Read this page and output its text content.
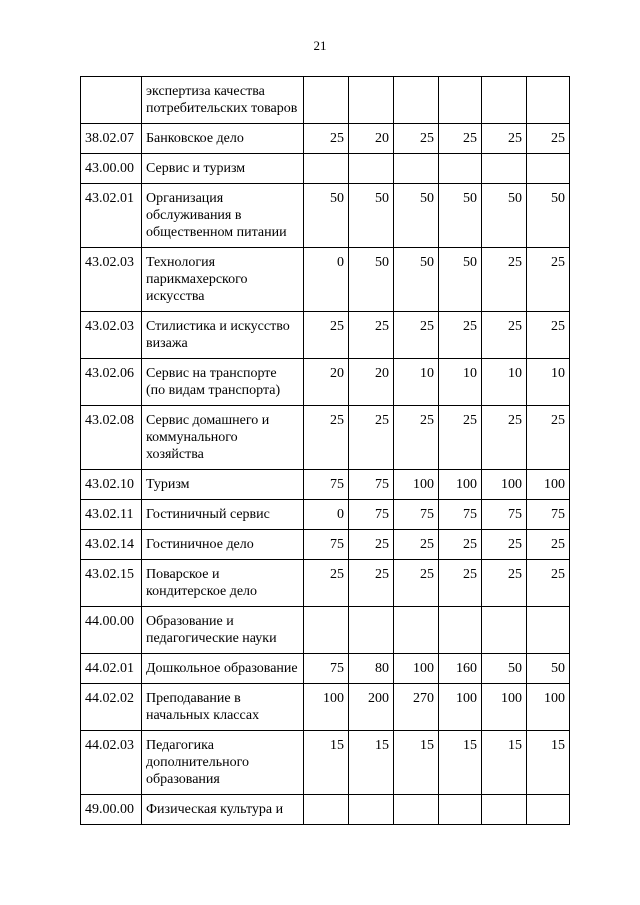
21
	экспертиза качества потребительских товаров						
38.02.07	Банковское дело	25	20	25	25	25	25
43.00.00	Сервис и туризм						
43.02.01	Организация обслуживания в общественном питании	50	50	50	50	50	50
43.02.03	Технология парикмахерского искусства	0	50	50	50	25	25
43.02.03	Стилистика и искусство визажа	25	25	25	25	25	25
43.02.06	Сервис на транспорте (по видам транспорта)	20	20	10	10	10	10
43.02.08	Сервис домашнего и коммунального хозяйства	25	25	25	25	25	25
43.02.10	Туризм	75	75	100	100	100	100
43.02.11	Гостиничный сервис	0	75	75	75	75	75
43.02.14	Гостиничное дело	75	25	25	25	25	25
43.02.15	Поварское и кондитерское дело	25	25	25	25	25	25
44.00.00	Образование и педагогические науки						
44.02.01	Дошкольное образование	75	80	100	160	50	50
44.02.02	Преподавание в начальных классах	100	200	270	100	100	100
44.02.03	Педагогика дополнительного образования	15	15	15	15	15	15
49.00.00	Физическая культура и						
